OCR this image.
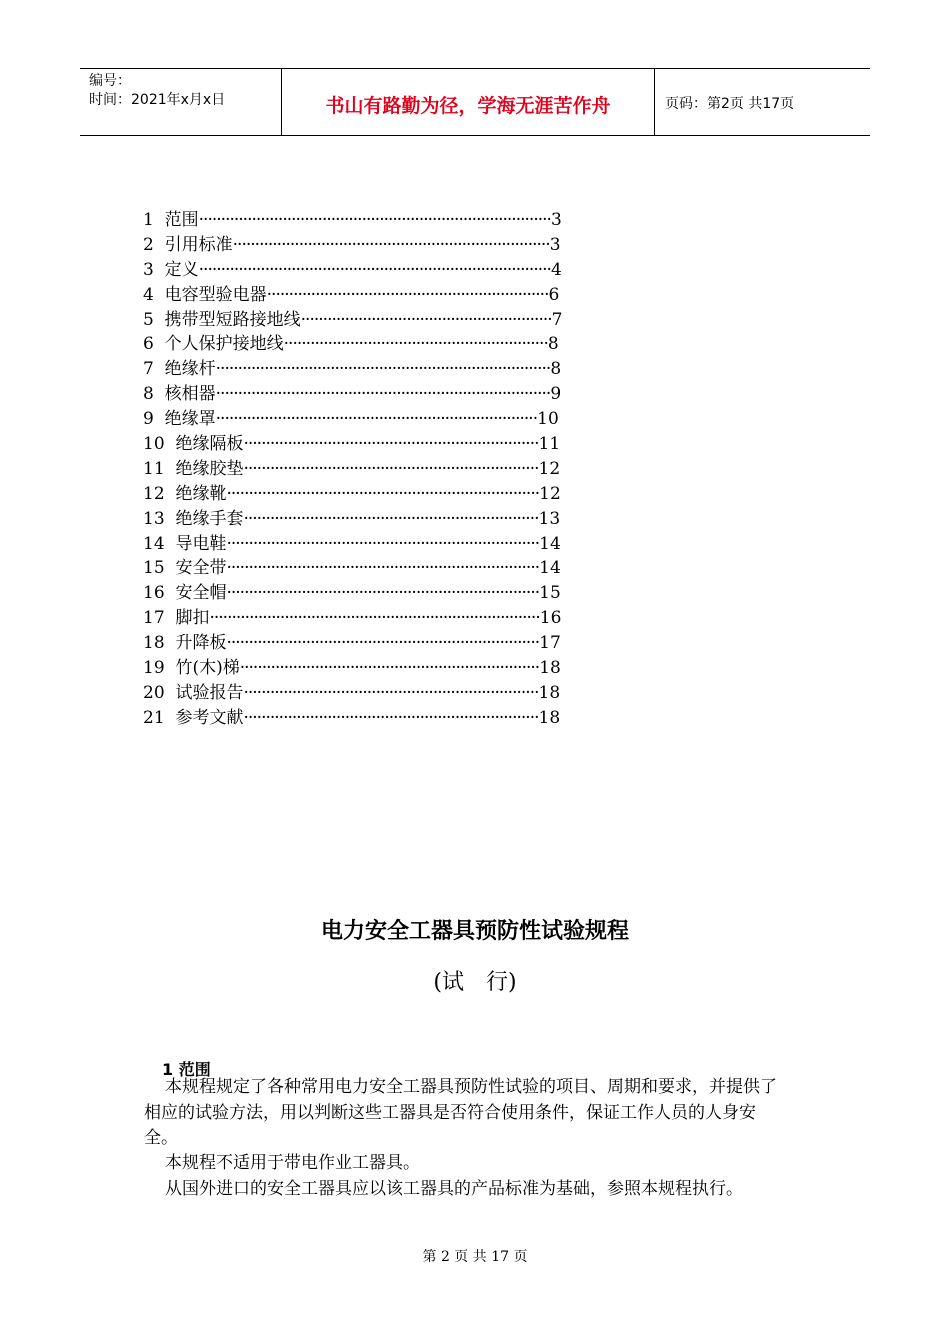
编号：
时间：2021年x月x日	书山有路勤为径，学海无涯苦作舟	页码：第2页 共17页
1 范围················································································3
2 引用标准········································································3
3 定义················································································4
4 电容型验电器································································6
5 携带型短路接地线·························································7
6 个人保护接地线····························································8
7 绝缘杆············································································8
8 核相器············································································9
9 绝缘罩·········································································10
10 绝缘隔板···································································11
11 绝缘胶垫···································································12
12 绝缘靴·······································································12
13 绝缘手套···································································13
14 导电鞋·······································································14
15 安全带·······································································14
16 安全帽·······································································15
17 脚扣···········································································16
18 升降板·······································································17
19 竹(木)梯····································································18
20 试验报告···································································18
21 参考文献···································································18
电力安全工器具预防性试验规程
(试　行)
1 范围
本规程规定了各种常用电力安全工器具预防性试验的项目、周期和要求，并提供了相应的试验方法，用以判断这些工器具是否符合使用条件，保证工作人员的人身安全。
本规程不适用于带电作业工器具。
从国外进口的安全工器具应以该工器具的产品标准为基础，参照本规程执行。
第 2 页 共 17 页
